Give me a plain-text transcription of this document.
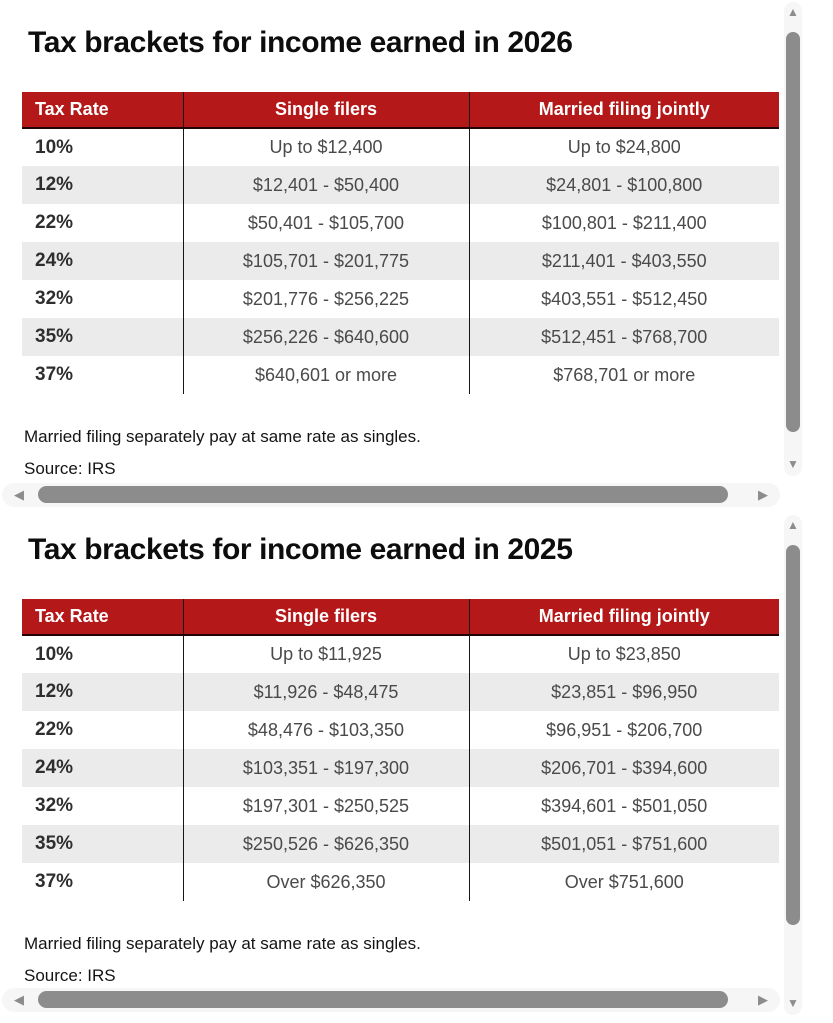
Tax brackets for income earned in 2026
Tax Rate	Single filers	Married filing jointly
10%	Up to $12,400	Up to $24,800
12%	$12,401 - $50,400	$24,801 - $100,800
22%	$50,401 - $105,700	$100,801 - $211,400
24%	$105,701 - $201,775	$211,401 - $403,550
32%	$201,776 - $256,225	$403,551 - $512,450
35%	$256,226 - $640,600	$512,451 - $768,700
37%	$640,601 or more	$768,701 or more
Married filing separately pay at same rate as singles.
Source: IRS
◀	▶
▲
▼
Tax brackets for income earned in 2025
Tax Rate	Single filers	Married filing jointly
10%	Up to $11,925	Up to $23,850
12%	$11,926 - $48,475	$23,851 - $96,950
22%	$48,476 - $103,350	$96,951 - $206,700
24%	$103,351 - $197,300	$206,701 - $394,600
32%	$197,301 - $250,525	$394,601 - $501,050
35%	$250,526 - $626,350	$501,051 - $751,600
37%	Over $626,350	Over $751,600
Married filing separately pay at same rate as singles.
Source: IRS
◀	▶
▲
▼
